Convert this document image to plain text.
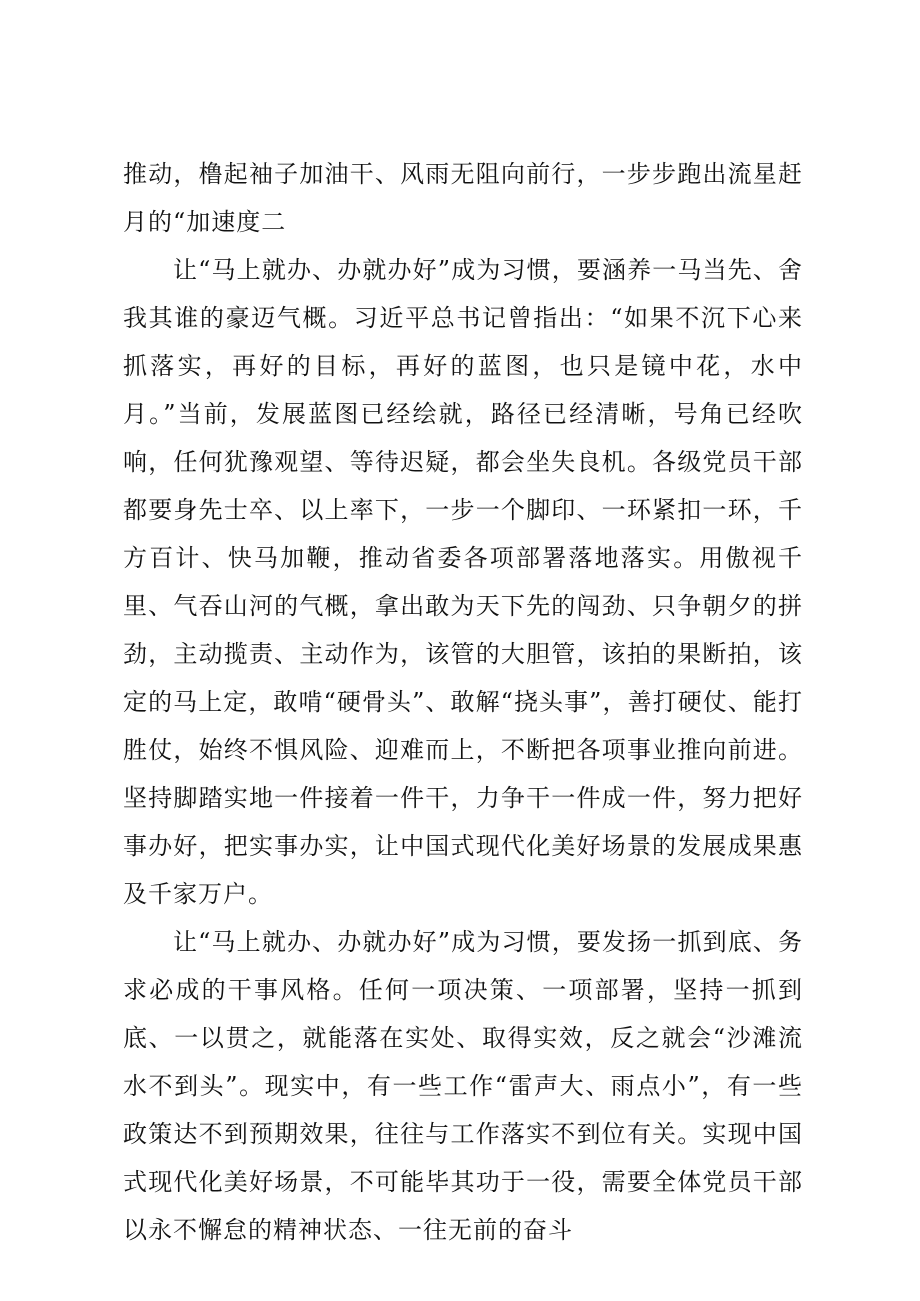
推动，橹起袖子加油干、风雨无阻向前行，一步步跑出流星赶月的“加速度二

让“马上就办、办就办好”成为习惯，要涵养一马当先、舍我其谁的豪迈气概。习近平总书记曾指出：“如果不沉下心来抓落实，再好的目标，再好的蓝图，也只是镜中花，水中月。”当前，发展蓝图已经绘就，路径已经清晰，号角已经吹响，任何犹豫观望、等待迟疑，都会坐失良机。各级党员干部都要身先士卒、以上率下，一步一个脚印、一环紧扣一环，千方百计、快马加鞭，推动省委各项部署落地落实。用傲视千里、气吞山河的气概，拿出敢为天下先的闯劲、只争朝夕的拼劲，主动揽责、主动作为，该管的大胆管，该拍的果断拍，该定的马上定，敢啃“硬骨头”、敢解“挠头事”，善打硬仗、能打胜仗，始终不惧风险、迎难而上，不断把各项事业推向前进。坚持脚踏实地一件接着一件干，力争干一件成一件，努力把好事办好，把实事办实，让中国式现代化美好场景的发展成果惠及千家万户。

让“马上就办、办就办好”成为习惯，要发扬一抓到底、务求必成的干事风格。任何一项决策、一项部署，坚持一抓到底、一以贯之，就能落在实处、取得实效，反之就会“沙滩流水不到头”。现实中，有一些工作“雷声大、雨点小”，有一些政策达不到预期效果，往往与工作落实不到位有关。实现中国式现代化美好场景，不可能毕其功于一役，需要全体党员干部以永不懈怠的精神状态、一往无前的奋斗
